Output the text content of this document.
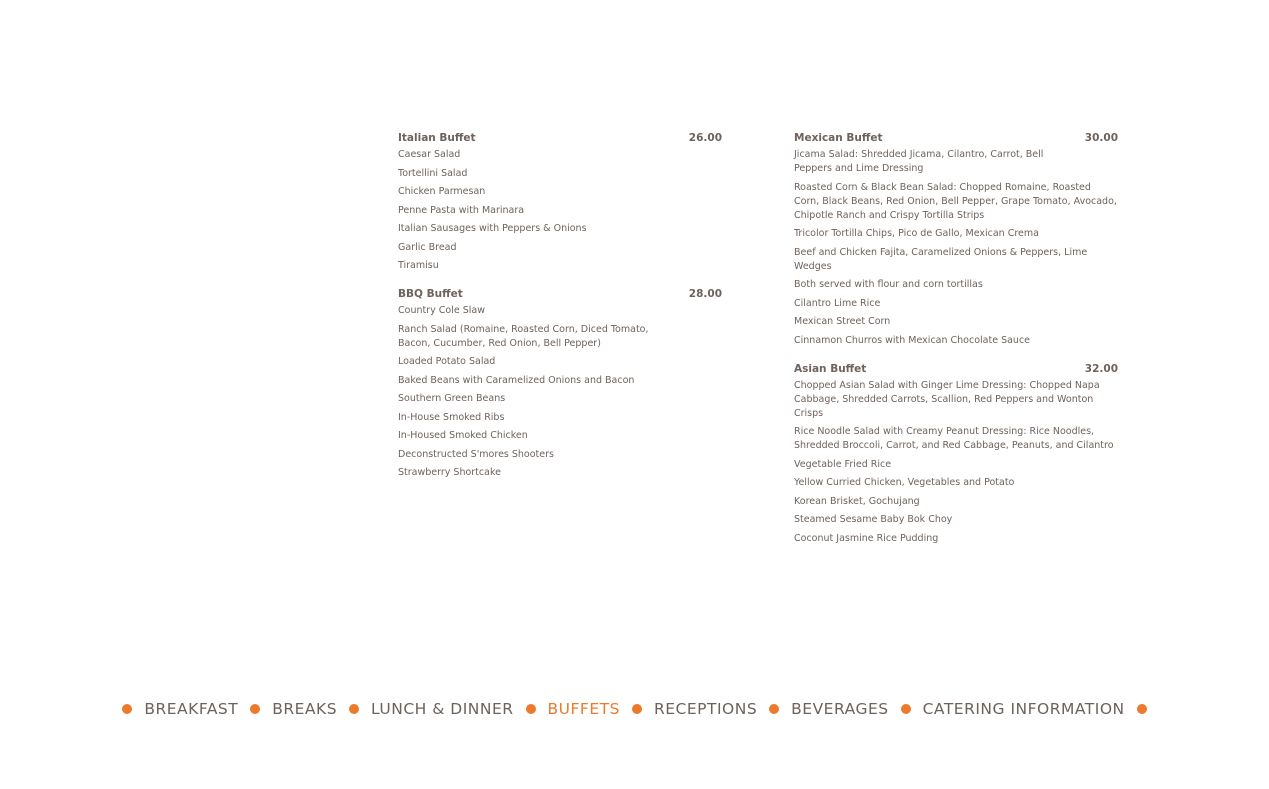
Italian Buffet	26.00
Caesar Salad
Tortellini Salad
Chicken Parmesan
Penne Pasta with Marinara
Italian Sausages with Peppers & Onions
Garlic Bread
Tiramisu
BBQ Buffet	28.00
Country Cole Slaw
Ranch Salad (Romaine, Roasted Corn, Diced Tomato, Bacon, Cucumber, Red Onion, Bell Pepper)
Loaded Potato Salad
Baked Beans with Caramelized Onions and Bacon
Southern Green Beans
In-House Smoked Ribs
In-Housed Smoked Chicken
Deconstructed S'mores Shooters
Strawberry Shortcake
Mexican Buffet	30.00
Jicama Salad: Shredded Jicama, Cilantro, Carrot, Bell Peppers and Lime Dressing
Roasted Corn & Black Bean Salad: Chopped Romaine, Roasted Corn, Black Beans, Red Onion, Bell Pepper, Grape Tomato, Avocado, Chipotle Ranch and Crispy Tortilla Strips
Tricolor Tortilla Chips, Pico de Gallo, Mexican Crema
Beef and Chicken Fajita, Caramelized Onions & Peppers, Lime Wedges
Both served with flour and corn tortillas
Cilantro Lime Rice
Mexican Street Corn
Cinnamon Churros with Mexican Chocolate Sauce
Asian Buffet	32.00
Chopped Asian Salad with Ginger Lime Dressing: Chopped Napa Cabbage, Shredded Carrots, Scallion, Red Peppers and Wonton Crisps
Rice Noodle Salad with Creamy Peanut Dressing: Rice Noodles, Shredded Broccoli, Carrot, and Red Cabbage, Peanuts, and Cilantro
Vegetable Fried Rice
Yellow Curried Chicken, Vegetables and Potato
Korean Brisket, Gochujang
Steamed Sesame Baby Bok Choy
Coconut Jasmine Rice Pudding
BREAKFAST BREAKS LUNCH & DINNER BUFFETS RECEPTIONS BEVERAGES CATERING INFORMATION
